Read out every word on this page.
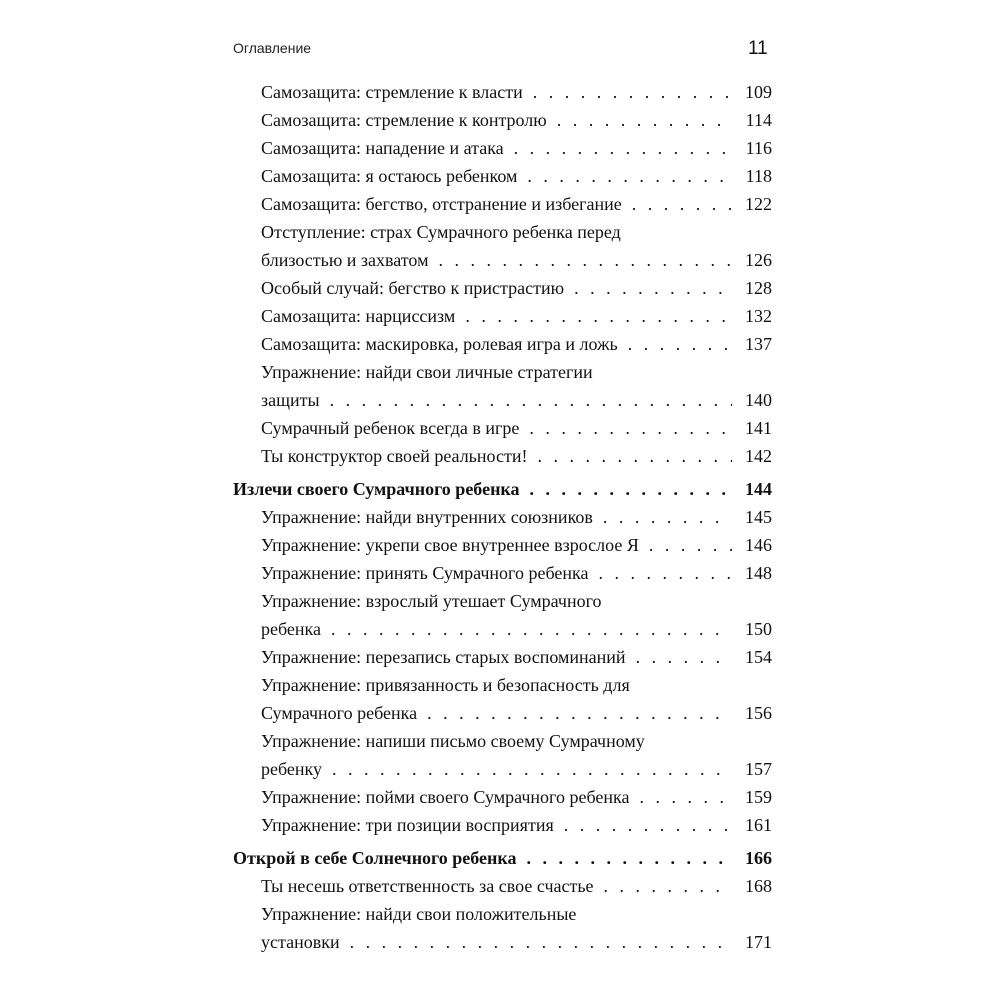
Оглавление	11
Самозащита: стремление к власти . . .	109
Самозащита: стремление к контролю . . .	114
Самозащита: нападение и атака . . .	116
Самозащита: я остаюсь ребенком . . .	118
Самозащита: бегство, отстранение и избегание . . .	122
Отступление: страх Сумрачного ребенка перед
близостью и захватом . . .	126
Особый случай: бегство к пристрастию . . .	128
Самозащита: нарциссизм . . .	132
Самозащита: маскировка, ролевая игра и ложь . . .	137
Упражнение: найди свои личные стратегии
защиты . . .	140
Сумрачный ребенок всегда в игре . . .	141
Ты конструктор своей реальности! . . .	142
Излечи своего Сумрачного ребенка . . .	144
Упражнение: найди внутренних союзников . . .	145
Упражнение: укрепи свое внутреннее взрослое Я . . .	146
Упражнение: принять Сумрачного ребенка . . .	148
Упражнение: взрослый утешает Сумрачного
ребенка . . .	150
Упражнение: перезапись старых воспоминаний . . .	154
Упражнение: привязанность и безопасность для
Сумрачного ребенка . . .	156
Упражнение: напиши письмо своему Сумрачному
ребенку . . .	157
Упражнение: пойми своего Сумрачного ребенка . . .	159
Упражнение: три позиции восприятия . . .	161
Открой в себе Солнечного ребенка . . .	166
Ты несешь ответственность за свое счастье . . .	168
Упражнение: найди свои положительные
установки . . .	171
